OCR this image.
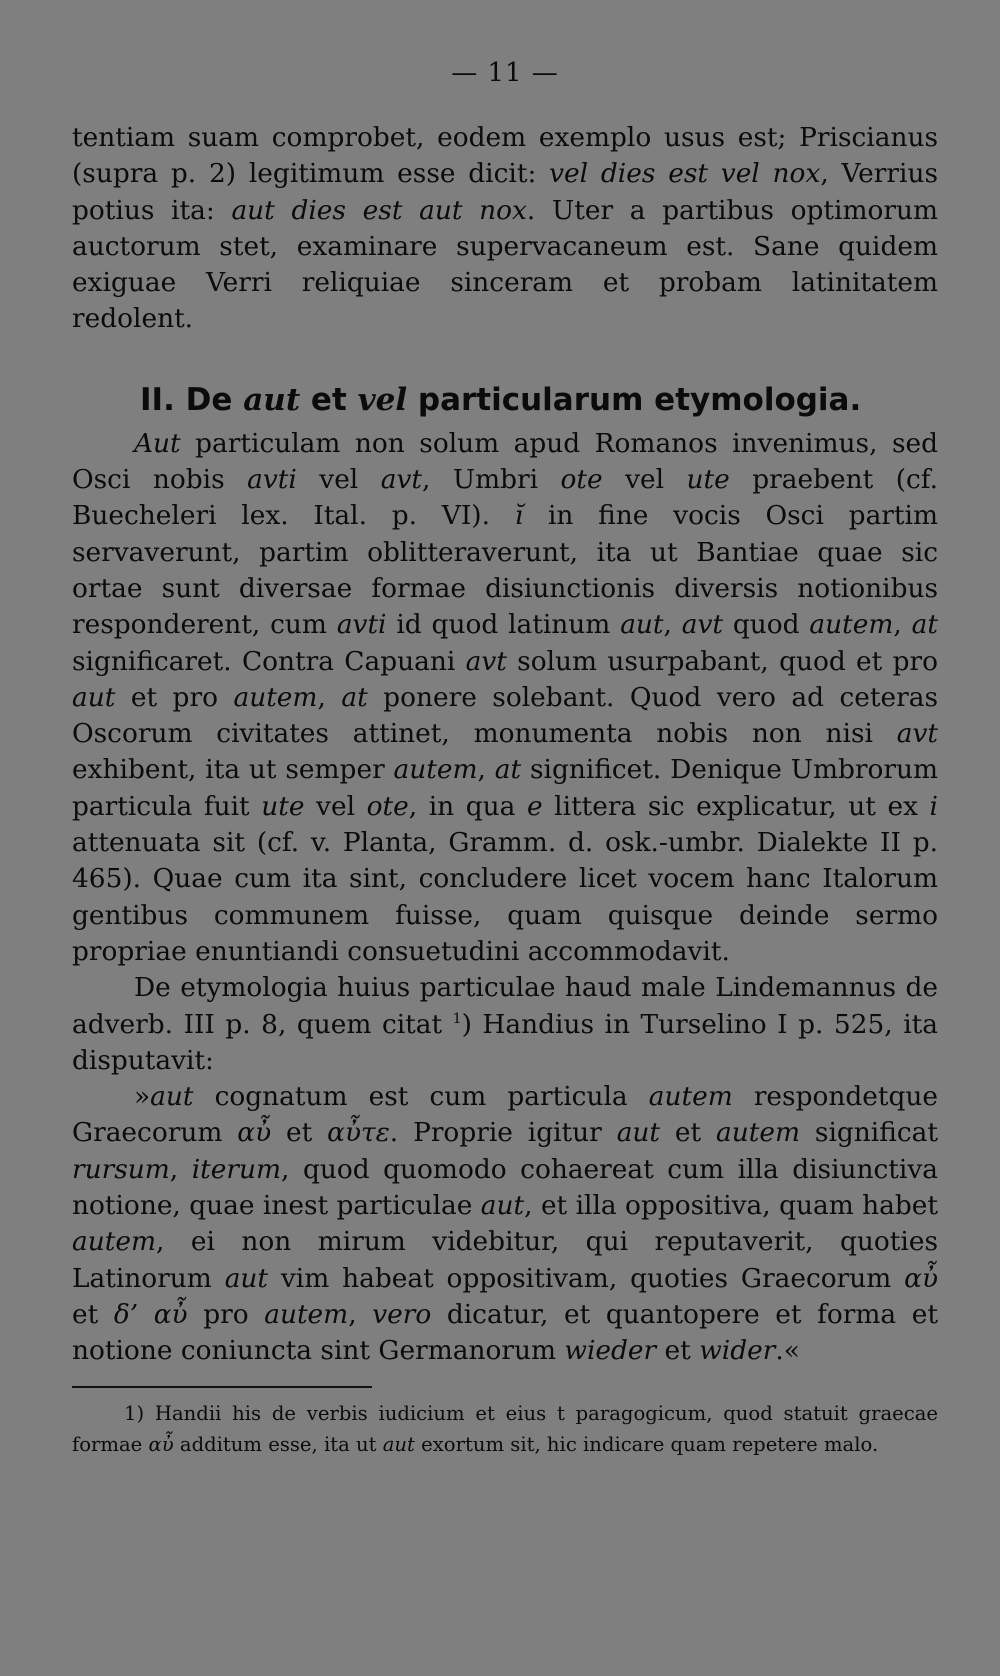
— 11 —

tentiam suam comprobet, eodem exemplo usus est; Priscianus (supra p. 2) legitimum esse dicit: vel dies est vel nox, Verrius potius ita: aut dies est aut nox. Uter a partibus optimorum auctorum stet, examinare supervacaneum est. Sane quidem exiguae Verri reliquiae sinceram et probam latinitatem redolent.

II. De aut et vel particularum etymologia.

Aut particulam non solum apud Romanos invenimus, sed Osci nobis avti vel avt, Umbri ote vel ute praebent (cf. Buecheleri lex. Ital. p. VI). ĭ in fine vocis Osci partim servaverunt, partim oblitteraverunt, ita ut Bantiae quae sic ortae sunt diversae formae disiunctionis diversis notionibus responderent, cum avti id quod latinum aut, avt quod autem, at significaret. Contra Capuani avt solum usurpabant, quod et pro aut et pro autem, at ponere solebant. Quod vero ad ceteras Oscorum civitates attinet, monumenta nobis non nisi avt exhibent, ita ut semper autem, at significet. Denique Umbrorum particula fuit ute vel ote, in qua e littera sic explicatur, ut ex i attenuata sit (cf. v. Planta, Gramm. d. osk.-umbr. Dialekte II p. 465). Quae cum ita sint, concludere licet vocem hanc Italorum gentibus communem fuisse, quam quisque deinde sermo propriae enuntiandi consuetudini accommodavit.

De etymologia huius particulae haud male Lindemannus de adverb. III p. 8, quem citat $^1$) Handius in Turselino I p. 525, ita disputavit:

»aut cognatum est cum particula autem respondetque Graecorum αὖ et αὖτε. Proprie igitur aut et autem significat rursum, iterum, quod quomodo cohaereat cum illa disiunctiva notione, quae inest particulae aut, et illa oppositiva, quam habet autem, ei non mirum videbitur, qui reputaverit, quoties Latinorum aut vim habeat oppositivam, quoties Graecorum αὖ et δ’ αὖ pro autem, vero dicatur, et quantopere et forma et notione coniuncta sint Germanorum wieder et wider.«

1) Handii his de verbis iudicium et eius t paragogicum, quod statuit graecae formae αὖ additum esse, ita ut aut exortum sit, hic indicare quam repetere malo.
